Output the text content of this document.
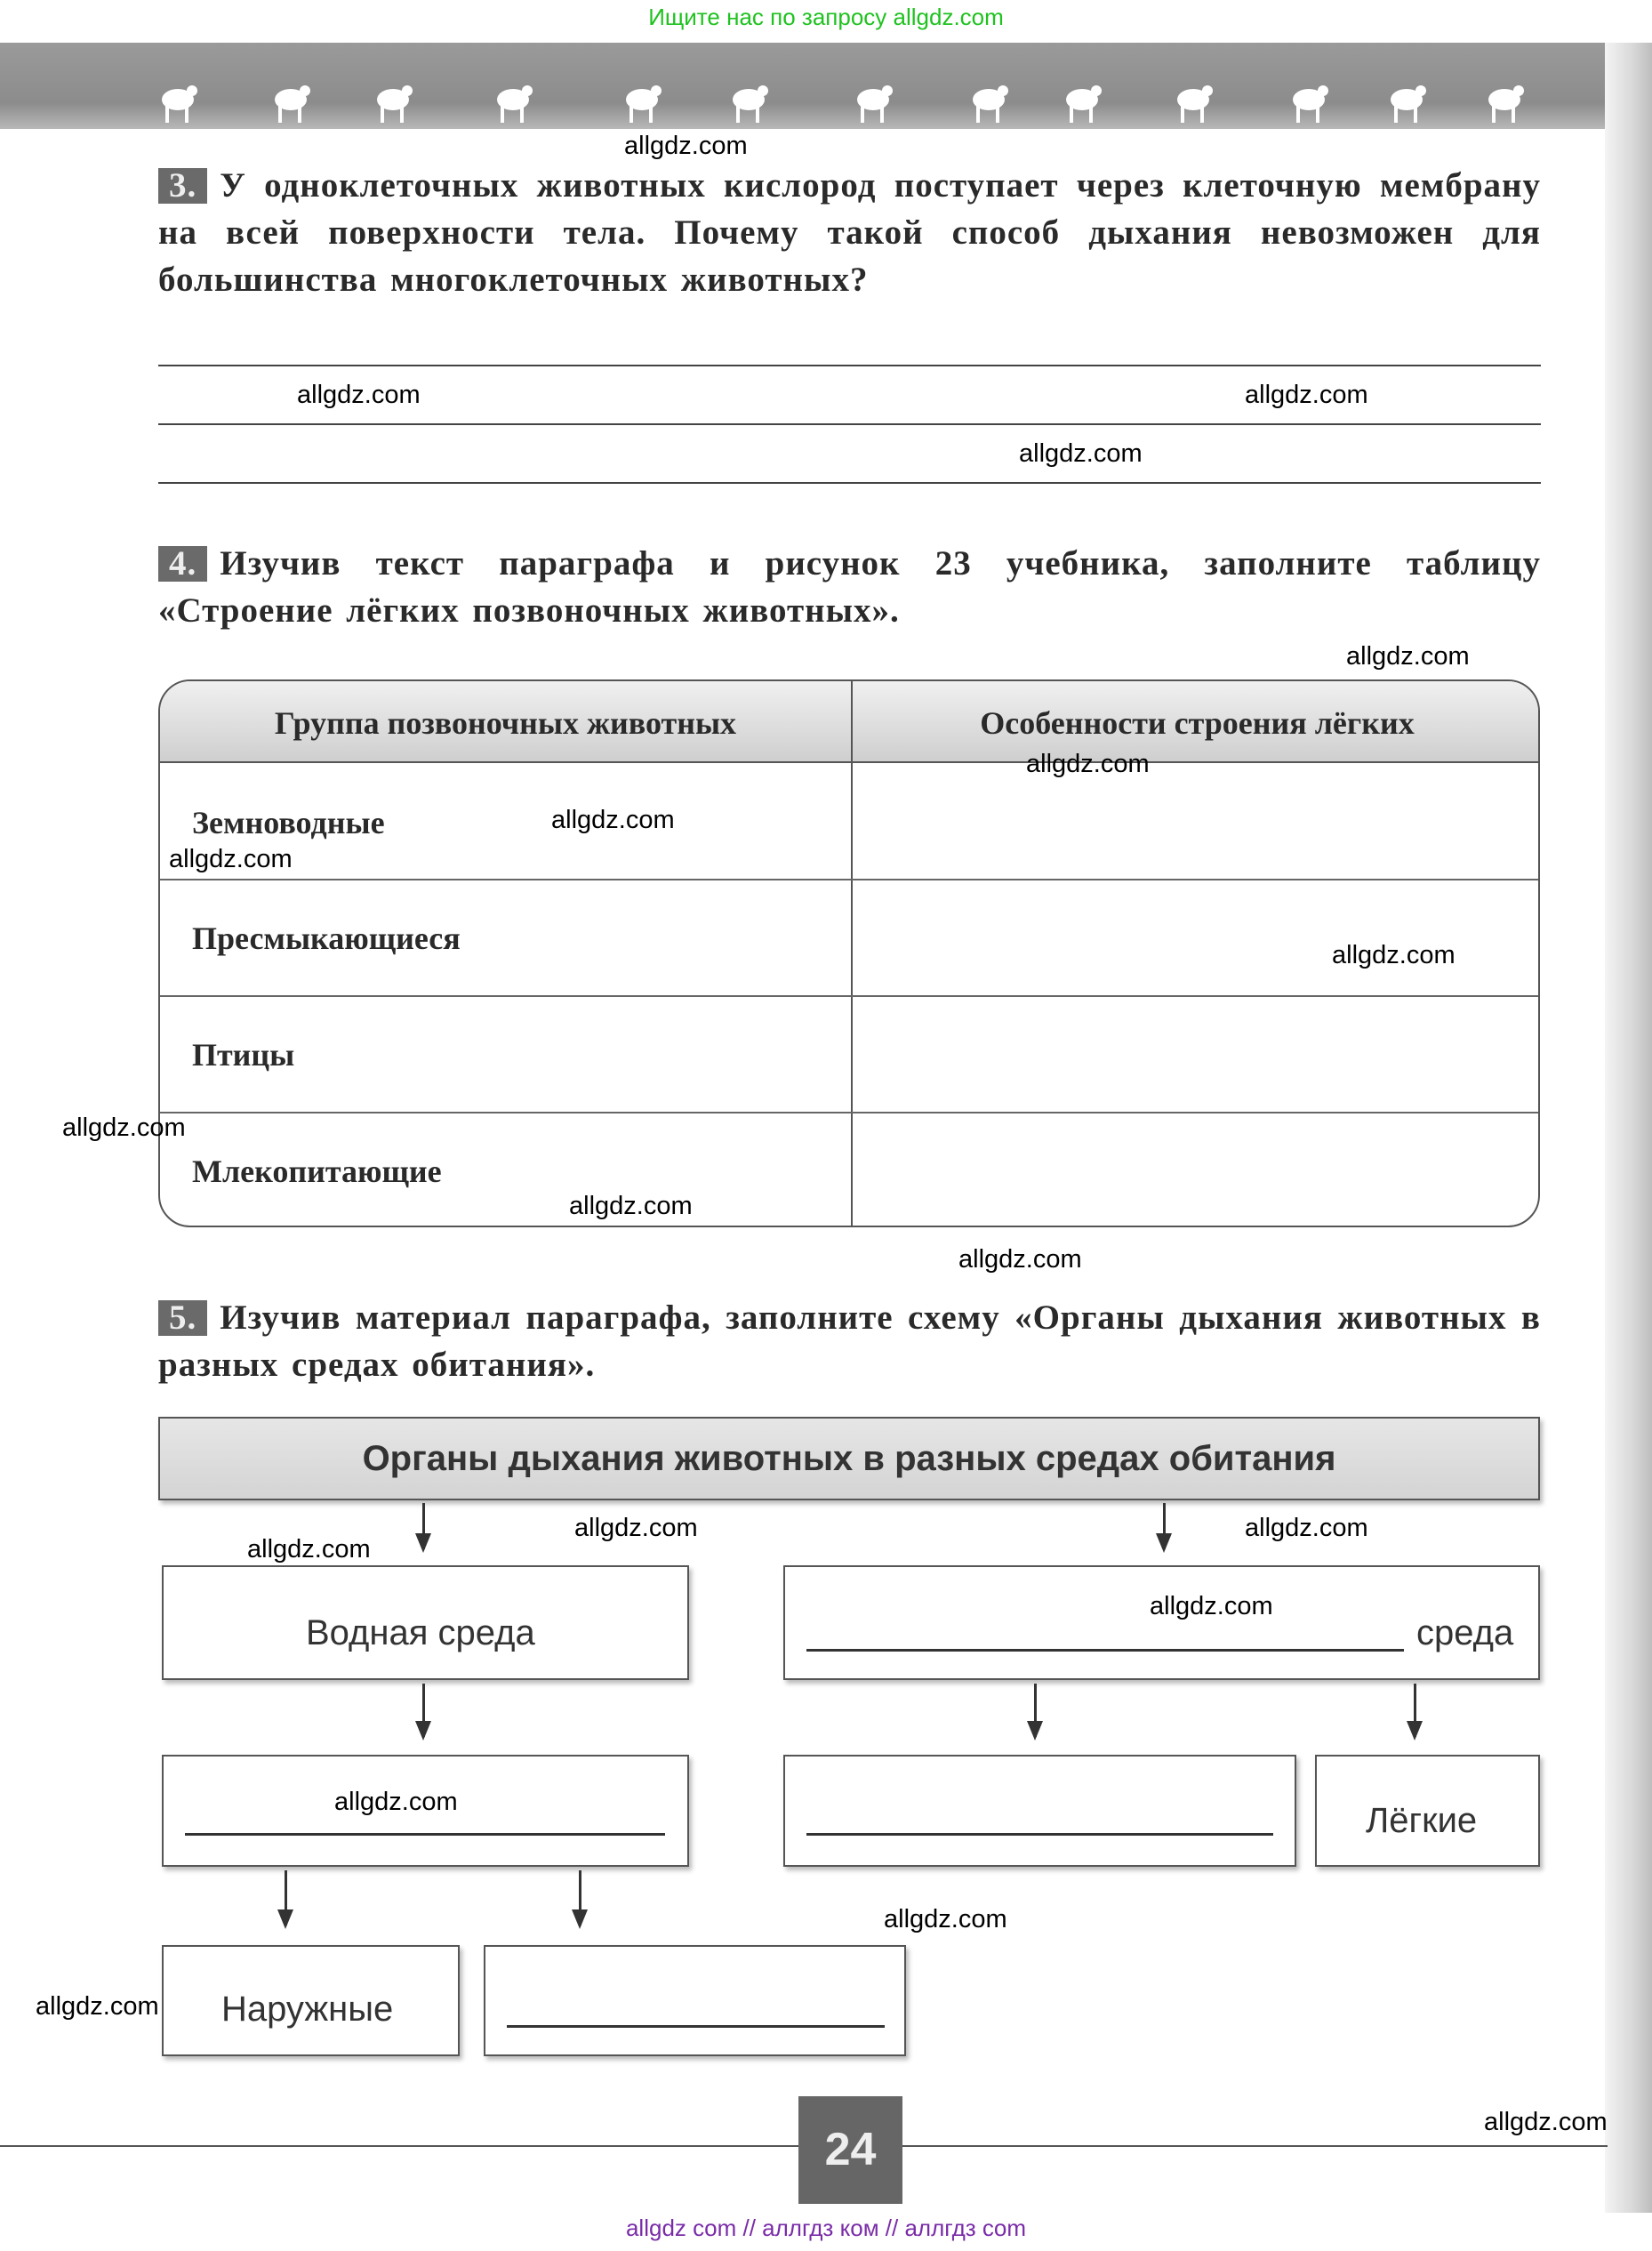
Ищите нас по запросу allgdz.com
3. У одноклеточных животных кислород поступает через клеточную мембрану на всей поверхности тела. Почему такой способ дыхания невозможен для большинства многоклеточных животных?
4. Изучив текст параграфа и рисунок 23 учебника, заполните таблицу «Строение лёгких позвоночных животных».
Группа позвоночных животных	Особенности строения лёгких
Земноводные
Пресмыкающиеся
Птицы
Млекопитающие
5. Изучив материал параграфа, заполните схему «Органы дыхания животных в разных средах обитания».
Органы дыхания животных в разных средах обитания
Водная среда	среда
Лёгкие
Наружные
24
allgdz com // аллгдз ком // аллгдз com
allgdz.com
allgdz.com
allgdz.com
allgdz.com
allgdz.com
allgdz.com
allgdz.com
allgdz.com
allgdz.com
allgdz.com
allgdz.com
allgdz.com
allgdz.com
allgdz.com
allgdz.com
allgdz.com
allgdz.com
allgdz.com
allgdz.com
allgdz.com
